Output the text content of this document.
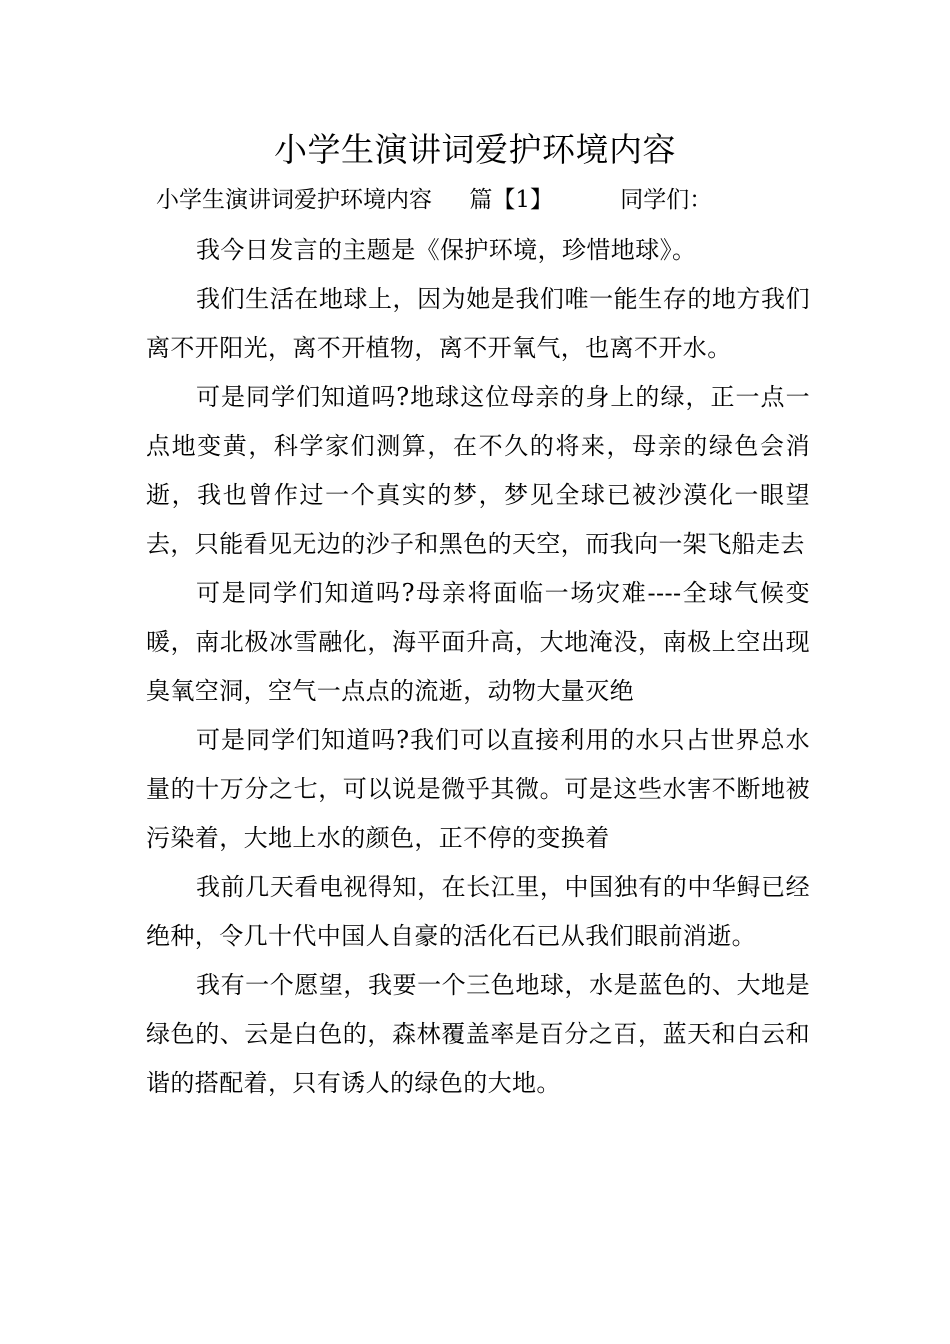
小学生演讲词爱护环境内容
小学生演讲词爱护环境内容 篇【1】	同学们：

我今日发言的主题是《保护环境，珍惜地球》。

我们生活在地球上，因为她是我们唯一能生存的地方我们离不开阳光，离不开植物，离不开氧气，也离不开水。

可是同学们知道吗?地球这位母亲的身上的绿，正一点一点地变黄，科学家们测算，在不久的将来，母亲的绿色会消逝，我也曾作过一个真实的梦，梦见全球已被沙漠化一眼望去，只能看见无边的沙子和黑色的天空，而我向一架飞船走去

可是同学们知道吗?母亲将面临一场灾难----全球气候变暖，南北极冰雪融化，海平面升高，大地淹没，南极上空出现臭氧空洞，空气一点点的流逝，动物大量灭绝

可是同学们知道吗?我们可以直接利用的水只占世界总水量的十万分之七，可以说是微乎其微。可是这些水害不断地被污染着，大地上水的颜色，正不停的变换着

我前几天看电视得知，在长江里，中国独有的中华鲟已经绝种，令几十代中国人自豪的活化石已从我们眼前消逝。

我有一个愿望，我要一个三色地球，水是蓝色的、大地是绿色的、云是白色的，森林覆盖率是百分之百，蓝天和白云和谐的搭配着，只有诱人的绿色的大地。
